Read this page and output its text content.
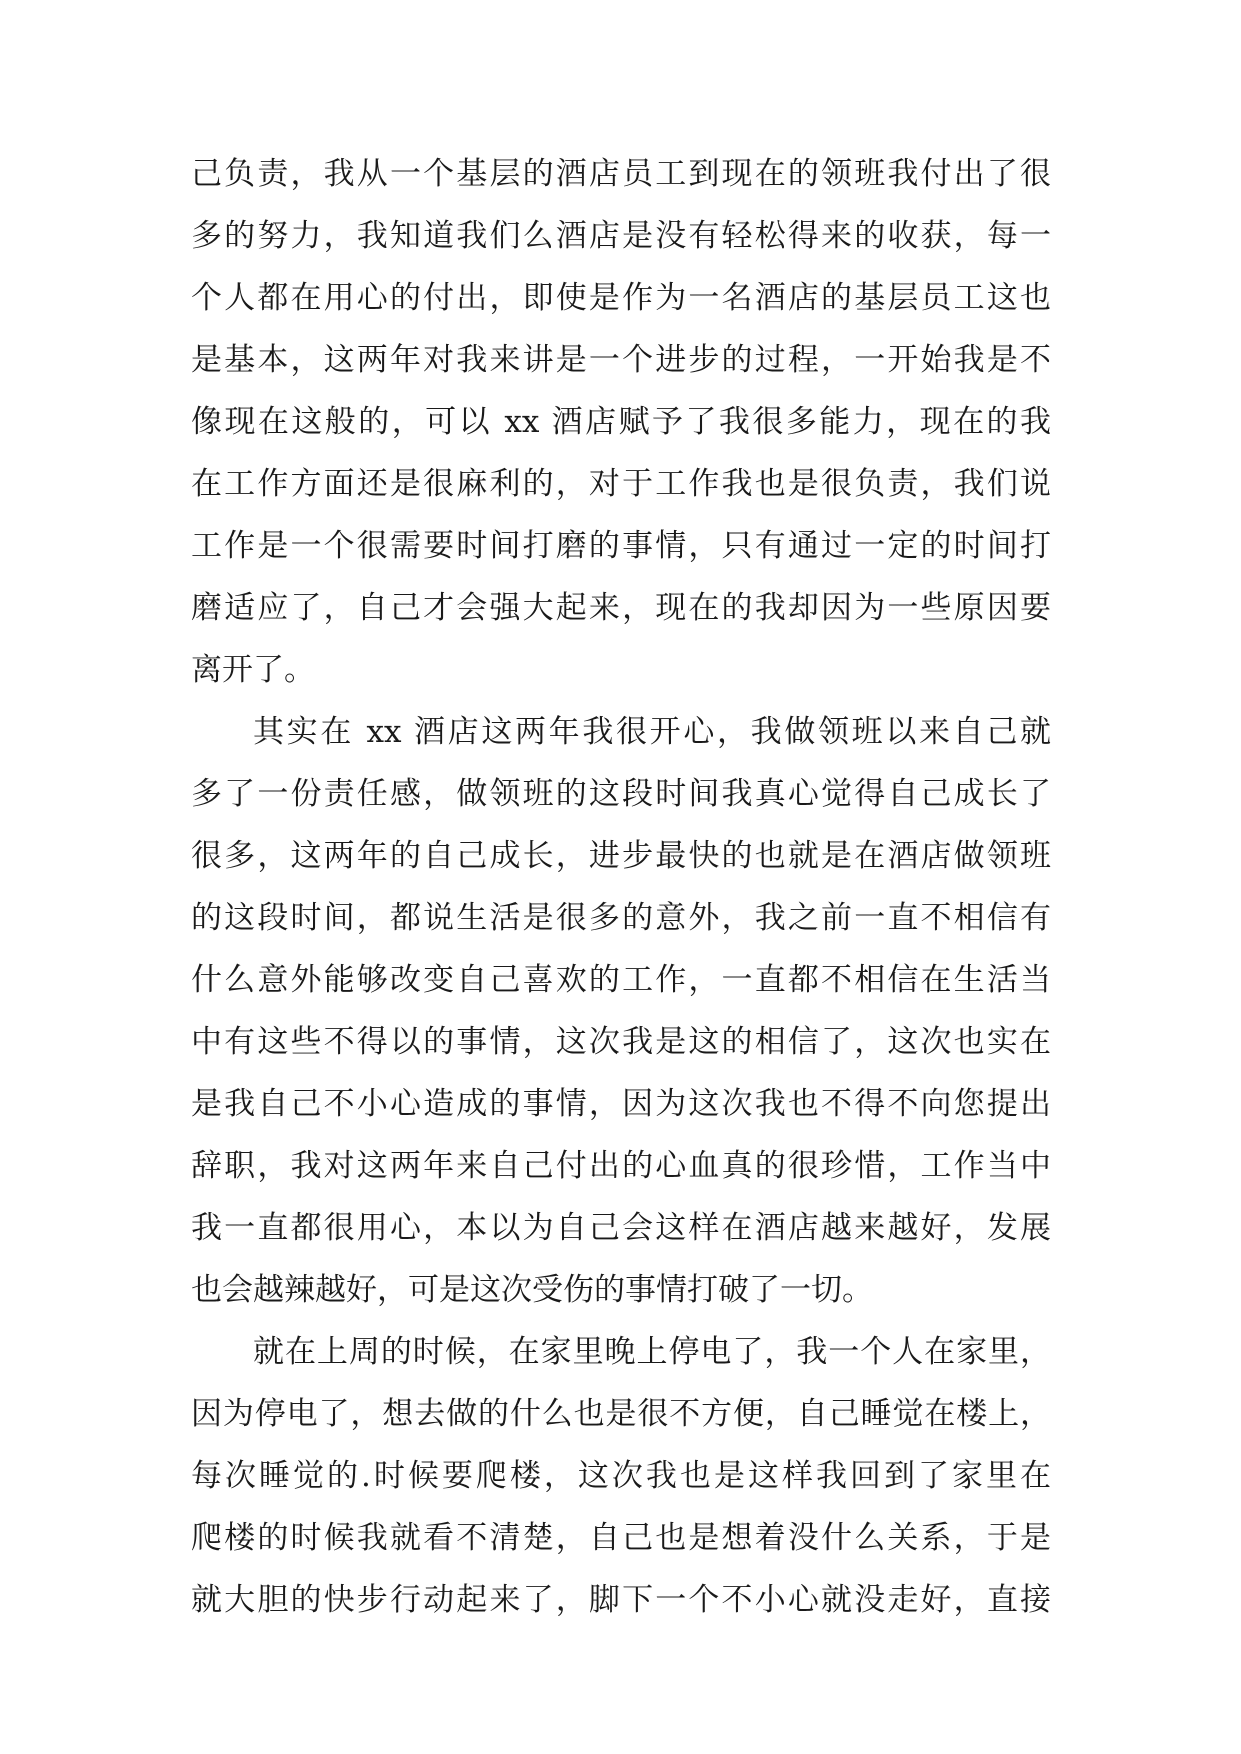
己负责，我从一个基层的酒店员工到现在的领班我付出了很
多的努力，我知道我们么酒店是没有轻松得来的收获，每一
个人都在用心的付出，即使是作为一名酒店的基层员工这也
是基本，这两年对我来讲是一个进步的过程，一开始我是不
像现在这般的，可以 xx 酒店赋予了我很多能力，现在的我
在工作方面还是很麻利的，对于工作我也是很负责，我们说
工作是一个很需要时间打磨的事情，只有通过一定的时间打
磨适应了，自己才会强大起来，现在的我却因为一些原因要
离开了。
其实在 xx 酒店这两年我很开心，我做领班以来自己就
多了一份责任感，做领班的这段时间我真心觉得自己成长了
很多，这两年的自己成长，进步最快的也就是在酒店做领班
的这段时间，都说生活是很多的意外，我之前一直不相信有
什么意外能够改变自己喜欢的工作，一直都不相信在生活当
中有这些不得以的事情，这次我是这的相信了，这次也实在
是我自己不小心造成的事情，因为这次我也不得不向您提出
辞职，我对这两年来自己付出的心血真的很珍惜，工作当中
我一直都很用心，本以为自己会这样在酒店越来越好，发展
也会越辣越好，可是这次受伤的事情打破了一切。
就在上周的时候，在家里晚上停电了，我一个人在家里，
因为停电了，想去做的什么也是很不方便，自己睡觉在楼上，
每次睡觉的.时候要爬楼，这次我也是这样我回到了家里在
爬楼的时候我就看不清楚，自己也是想着没什么关系，于是
就大胆的快步行动起来了，脚下一个不小心就没走好，直接
